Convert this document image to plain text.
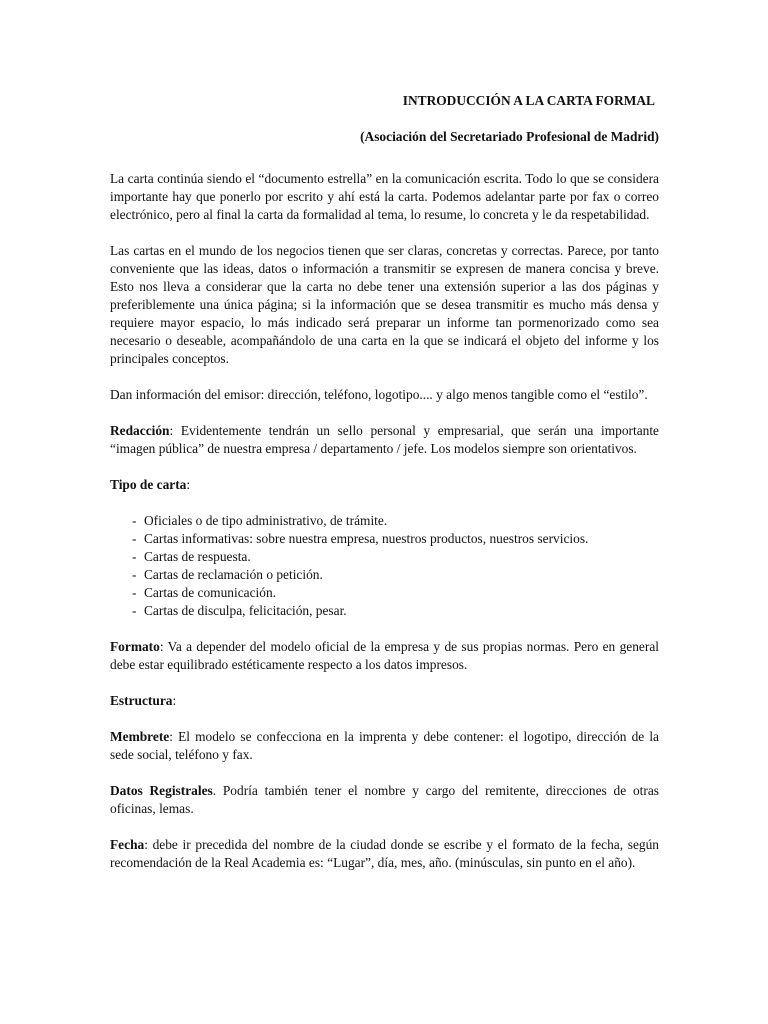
INTRODUCCIÓN A LA CARTA FORMAL

(Asociación del Secretariado Profesional de Madrid)

La carta continúa siendo el “documento estrella” en la comunicación escrita. Todo lo que se considera importante hay que ponerlo por escrito y ahí está la carta. Podemos adelantar parte por fax o correo electrónico, pero al final la carta da formalidad al tema, lo resume, lo concreta y le da respetabilidad.

Las cartas en el mundo de los negocios tienen que ser claras, concretas y correctas. Parece, por tanto conveniente que las ideas, datos o información a transmitir se expresen de manera concisa y breve. Esto nos lleva a considerar que la carta no debe tener una extensión superior a las dos páginas y preferiblemente una única página; si la información que se desea transmitir es mucho más densa y requiere mayor espacio, lo más indicado será preparar un informe tan pormenorizado como sea necesario o deseable, acompañándolo de una carta en la que se indicará el objeto del informe y los principales conceptos.

Dan información del emisor: dirección, teléfono, logotipo.... y algo menos tangible como el “estilo”.

Redacción: Evidentemente tendrán un sello personal y empresarial, que serán una importante “imagen pública” de nuestra empresa / departamento / jefe. Los modelos siempre son orientativos.

Tipo de carta:

- Oficiales o de tipo administrativo, de trámite.
- Cartas informativas: sobre nuestra empresa, nuestros productos, nuestros servicios.
- Cartas de respuesta.
- Cartas de reclamación o petición.
- Cartas de comunicación.
- Cartas de disculpa, felicitación, pesar.

Formato: Va a depender del modelo oficial de la empresa y de sus propias normas. Pero en general debe estar equilibrado estéticamente respecto a los datos impresos.

Estructura:

Membrete: El modelo se confecciona en la imprenta y debe contener: el logotipo, dirección de la sede social, teléfono y fax.

Datos Registrales. Podría también tener el nombre y cargo del remitente, direcciones de otras oficinas, lemas.

Fecha: debe ir precedida del nombre de la ciudad donde se escribe y el formato de la fecha, según recomendación de la Real Academia es: “Lugar”, día, mes, año. (minúsculas, sin punto en el año).
